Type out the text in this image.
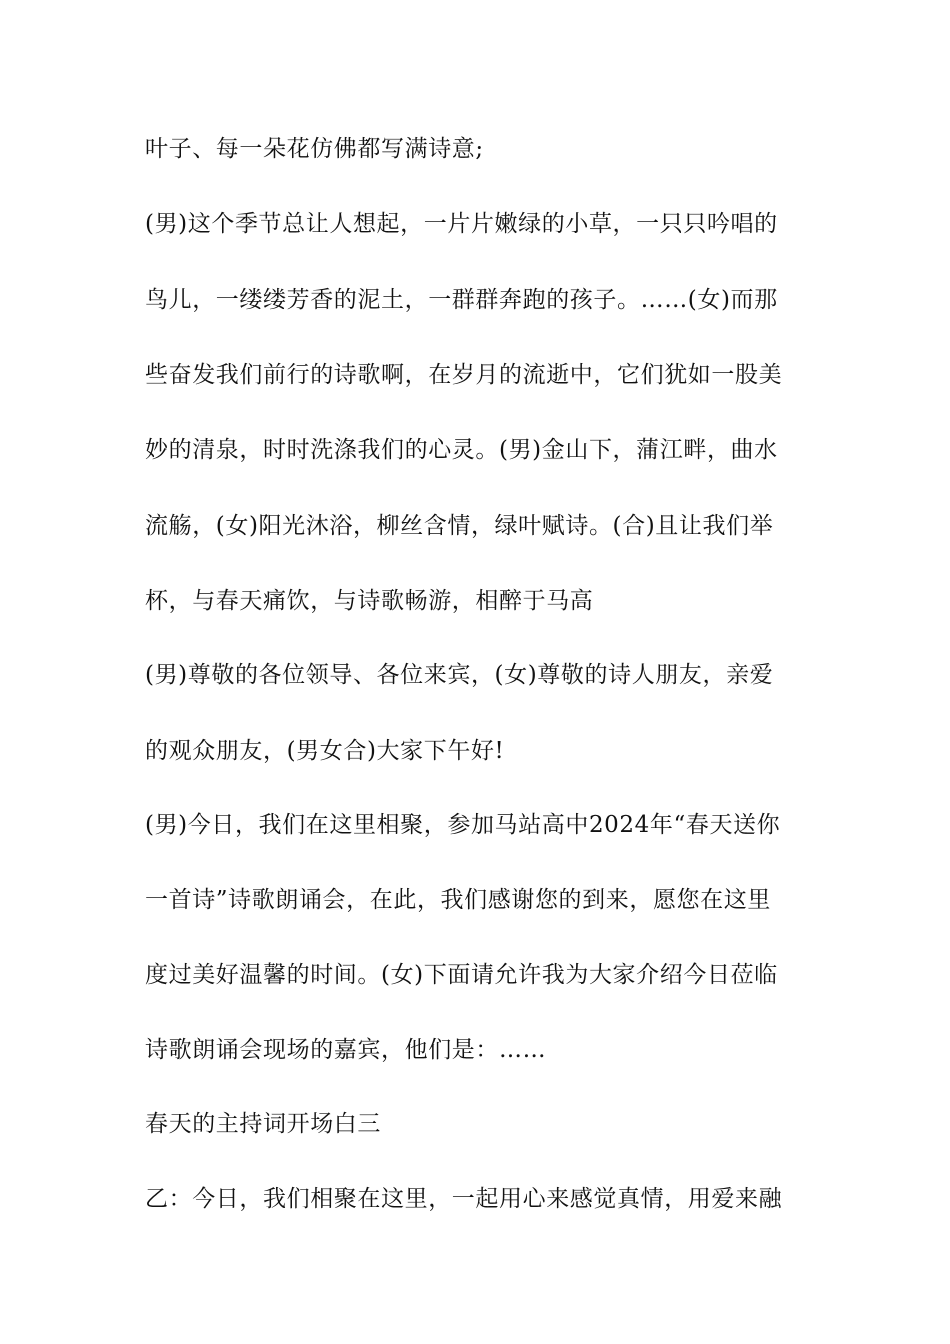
叶子、每一朵花仿佛都写满诗意;
(男)这个季节总让人想起，一片片嫩绿的小草，一只只吟唱的
鸟儿，一缕缕芳香的泥土，一群群奔跑的孩子。……(女)而那
些奋发我们前行的诗歌啊，在岁月的流逝中，它们犹如一股美
妙的清泉，时时洗涤我们的心灵。(男)金山下，蒲江畔，曲水
流觞，(女)阳光沐浴，柳丝含情，绿叶赋诗。(合)且让我们举
杯，与春天痛饮，与诗歌畅游，相醉于马高
(男)尊敬的各位领导、各位来宾，(女)尊敬的诗人朋友，亲爱
的观众朋友，(男女合)大家下午好!
(男)今日，我们在这里相聚，参加马站高中2024年“春天送你
一首诗”诗歌朗诵会，在此，我们感谢您的到来，愿您在这里
度过美好温馨的时间。(女)下面请允许我为大家介绍今日莅临
诗歌朗诵会现场的嘉宾，他们是：……
春天的主持词开场白三
乙：今日，我们相聚在这里，一起用心来感觉真情，用爱来融
